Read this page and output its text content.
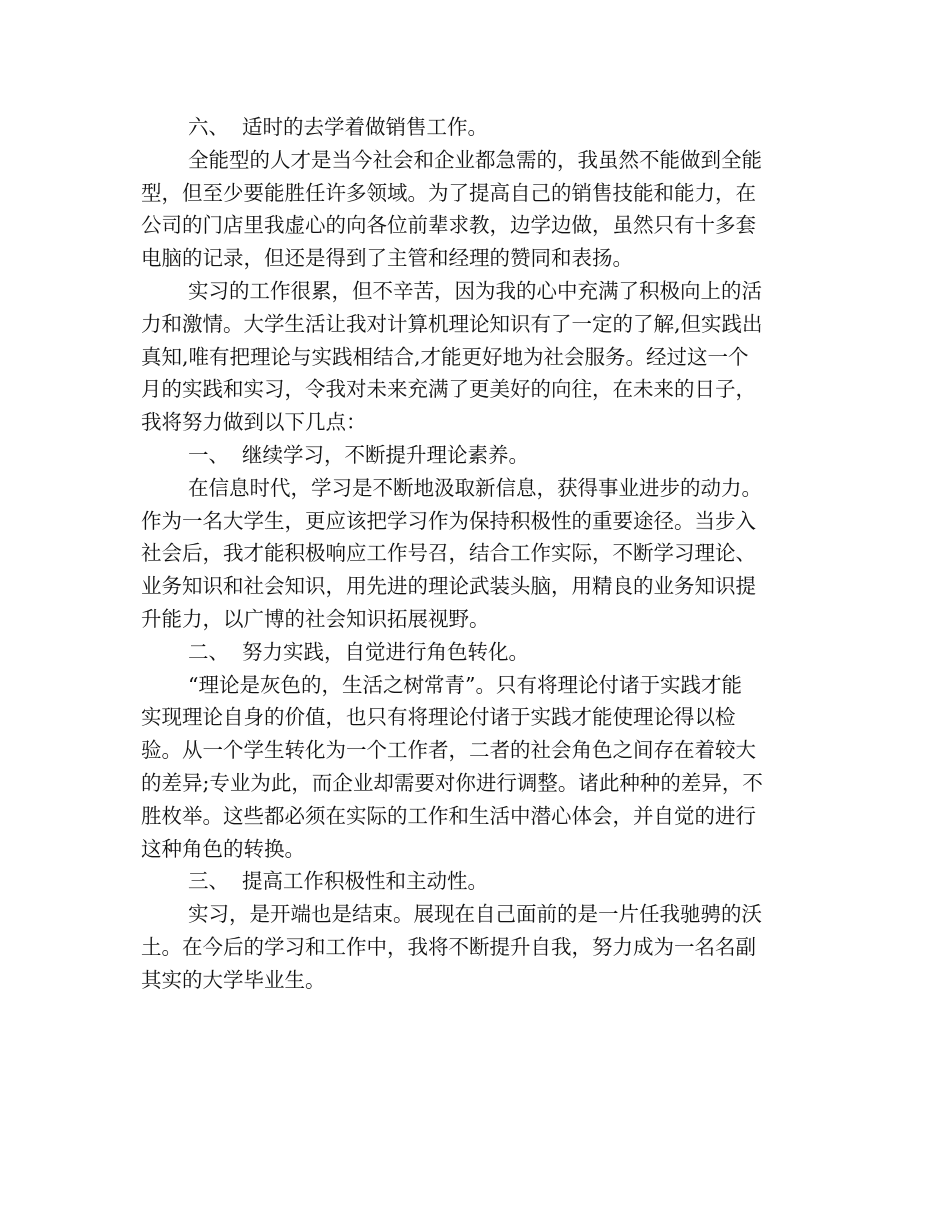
六、  适时的去学着做销售工作。
全能型的人才是当今社会和企业都急需的，我虽然不能做到全能
型，但至少要能胜任许多领域。为了提高自己的销售技能和能力，在
公司的门店里我虚心的向各位前辈求教，边学边做，虽然只有十多套
电脑的记录，但还是得到了主管和经理的赞同和表扬。
实习的工作很累，但不辛苦，因为我的心中充满了积极向上的活
力和激情。大学生活让我对计算机理论知识有了一定的了解,但实践出
真知,唯有把理论与实践相结合,才能更好地为社会服务。经过这一个
月的实践和实习，令我对未来充满了更美好的向往，在未来的日子，
我将努力做到以下几点：
一、  继续学习，不断提升理论素养。
在信息时代，学习是不断地汲取新信息，获得事业进步的动力。
作为一名大学生，更应该把学习作为保持积极性的重要途径。当步入
社会后，我才能积极响应工作号召，结合工作实际，不断学习理论、
业务知识和社会知识，用先进的理论武装头脑，用精良的业务知识提
升能力，以广博的社会知识拓展视野。
二、  努力实践，自觉进行角色转化。
“理论是灰色的，生活之树常青”。只有将理论付诸于实践才能
实现理论自身的价值，也只有将理论付诸于实践才能使理论得以检
验。从一个学生转化为一个工作者，二者的社会角色之间存在着较大
的差异;专业为此，而企业却需要对你进行调整。诸此种种的差异，不
胜枚举。这些都必须在实际的工作和生活中潜心体会，并自觉的进行
这种角色的转换。
三、  提高工作积极性和主动性。
实习，是开端也是结束。展现在自己面前的是一片任我驰骋的沃
土。在今后的学习和工作中，我将不断提升自我，努力成为一名名副
其实的大学毕业生。
